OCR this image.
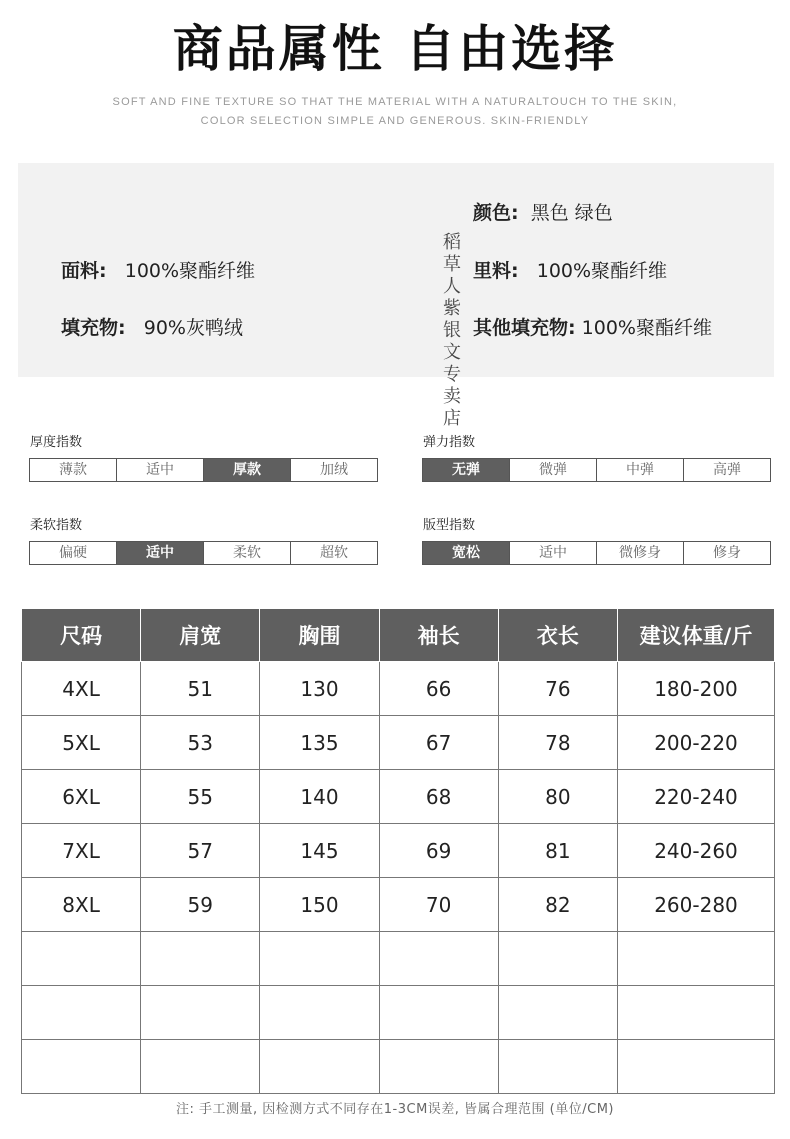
商品属性 自由选择
SOFT AND FINE TEXTURE SO THAT THE MATERIAL WITH A NATURALTOUCH TO THE SKIN,
COLOR SELECTION SIMPLE AND GENEROUS. SKIN-FRIENDLY
颜色: 黑色 绿色
面料: 100%聚酯纤维	里料: 100%聚酯纤维
填充物: 90%灰鸭绒	其他填充物: 100%聚酯纤维
稻草人紫银文专卖店
厚度指数
薄款	适中	厚款	加绒
弹力指数
无弹	微弹	中弹	高弹
柔软指数
偏硬	适中	柔软	超软
版型指数
宽松	适中	微修身	修身
尺码	肩宽	胸围	袖长	衣长	建议体重/斤
4XL	51	130	66	76	180-200
5XL	53	135	67	78	200-220
6XL	55	140	68	80	220-240
7XL	57	145	69	81	240-260
8XL	59	150	70	82	260-280

注: 手工测量, 因检测方式不同存在1-3CM误差, 皆属合理范围 (单位/CM)
